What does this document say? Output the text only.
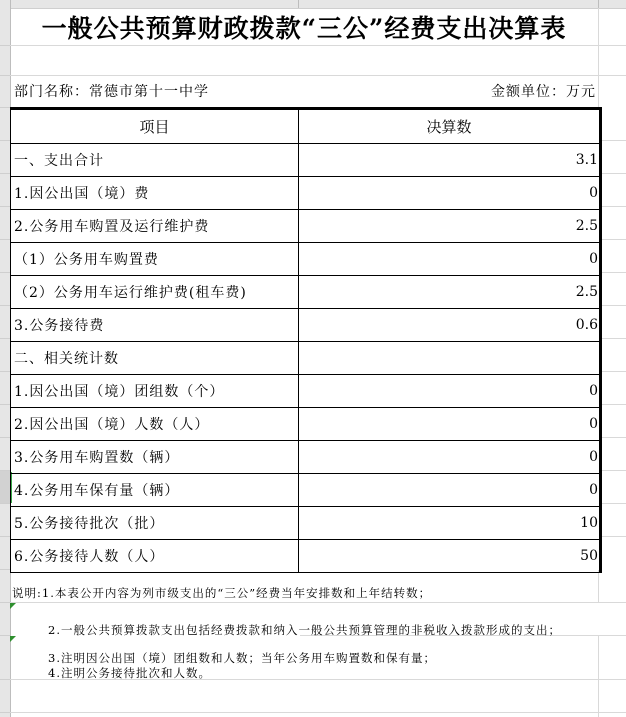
一般公共预算财政拨款“三公”经费支出决算表
部门名称：常德市第十一中学	金额单位：万元
项目	决算数
一、支出合计	3.1
1.因公出国（境）费	0
2.公务用车购置及运行维护费	2.5
（1）公务用车购置费	0
（2）公务用车运行维护费(租车费)	2.5
3.公务接待费	0.6
二、相关统计数	
1.因公出国（境）团组数（个）	0
2.因公出国（境）人数（人）	0
3.公务用车购置数（辆）	0
4.公务用车保有量（辆）	0
5.公务接待批次（批）	10
6.公务接待人数（人）	50
说明:1.本表公开内容为列市级支出的“三公”经费当年安排数和上年结转数；
2.一般公共预算拨款支出包括经费拨款和纳入一般公共预算管理的非税收入拨款形成的支出；
3.注明因公出国（境）团组数和人数；当年公务用车购置数和保有量；
4.注明公务接待批次和人数。
